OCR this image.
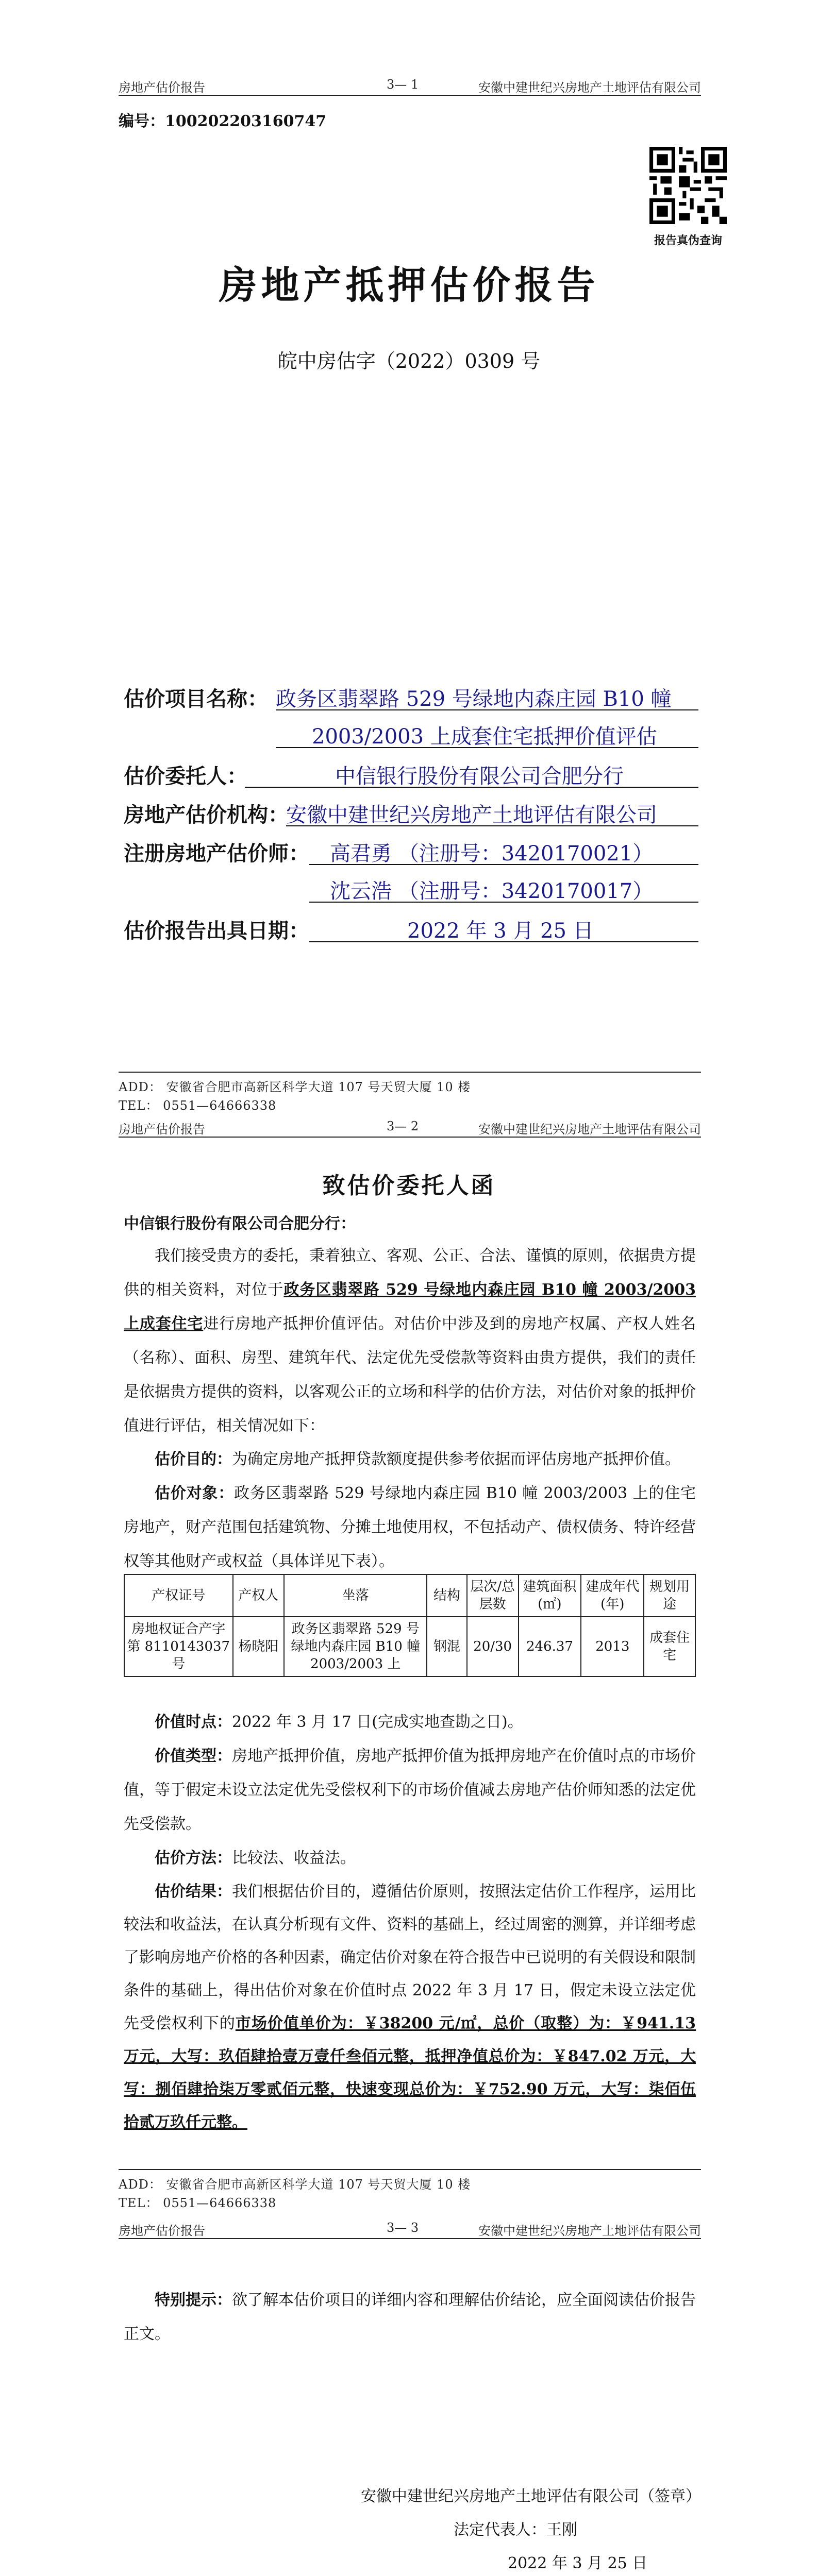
房地产估价报告	3— 1	安徽中建世纪兴房地产土地评估有限公司
编号：100202203160747
报告真伪查询
房地产抵押估价报告
皖中房估字（2022）0309 号
估价项目名称： 政务区翡翠路 529 号绿地内森庄园 B10 幢
2003/2003 上成套住宅抵押价值评估
估价委托人：	中信银行股份有限公司合肥分行
房地产估价机构：
安徽中建世纪兴房地产土地评估有限公司
注册房地产估价师： 高君勇 （注册号：3420170021）
沈云浩 （注册号：3420170017）
估价报告出具日期：	2022 年 3 月 25 日
ADD： 安徽省合肥市高新区科学大道 107 号天贸大厦 10 楼
TEL： 0551—64666338
房地产估价报告	3— 2	安徽中建世纪兴房地产土地评估有限公司
致估价委托人函
中信银行股份有限公司合肥分行：

我们接受贵方的委托，秉着独立、客观、公正、合法、谨慎的原则，依据贵方提供的相关资料，对位于政务区翡翠路 529 号绿地内森庄园 B10 幢 2003/2003 上成套住宅进行房地产抵押价值评估。对估价中涉及到的房地产权属、产权人姓名（名称）、面积、房型、建筑年代、法定优先受偿款等资料由贵方提供，我们的责任是依据贵方提供的资料，以客观公正的立场和科学的估价方法，对估价对象的抵押价值进行评估，相关情况如下：

估价目的：为确定房地产抵押贷款额度提供参考依据而评估房地产抵押价值。

估价对象：政务区翡翠路 529 号绿地内森庄园 B10 幢 2003/2003 上的住宅房地产，财产范围包括建筑物、分摊土地使用权，不包括动产、债权债务、特许经营权等其他财产或权益（具体详见下表）。

产权证号	产权人	坐落	结构	层次/总层数	建筑面积(㎡)	建成年代(年)	规划用途
房地权证合产字第 8110143037 号	杨晓阳	政务区翡翠路 529 号绿地内森庄园 B10 幢 2003/2003 上	钢混	20/30	246.37	2013	成套住宅

价值时点：2022 年 3 月 17 日(完成实地查勘之日)。

价值类型：房地产抵押价值，房地产抵押价值为抵押房地产在价值时点的市场价值，等于假定未设立法定优先受偿权利下的市场价值减去房地产估价师知悉的法定优先受偿款。

估价方法：比较法、收益法。

估价结果：我们根据估价目的，遵循估价原则，按照法定估价工作程序，运用比较法和收益法，在认真分析现有文件、资料的基础上，经过周密的测算，并详细考虑了影响房地产价格的各种因素，确定估价对象在符合报告中已说明的有关假设和限制条件的基础上，得出估价对象在价值时点 2022 年 3 月 17 日，假定未设立法定优先受偿权利下的市场价值单价为：￥38200 元/㎡，总价（取整）为：￥941.13 万元，大写：玖佰肆拾壹万壹仟叁佰元整，抵押净值总价为：￥847.02 万元，大写：捌佰肆拾柒万零贰佰元整，快速变现总价为：￥752.90 万元，大写：柒佰伍拾贰万玖仟元整。

ADD： 安徽省合肥市高新区科学大道 107 号天贸大厦 10 楼
TEL： 0551—64666338
房地产估价报告	3— 3	安徽中建世纪兴房地产土地评估有限公司

特别提示：欲了解本估价项目的详细内容和理解估价结论，应全面阅读估价报告正文。

安徽中建世纪兴房地产土地评估有限公司（签章）
法定代表人：王刚
2022 年 3 月 25 日
